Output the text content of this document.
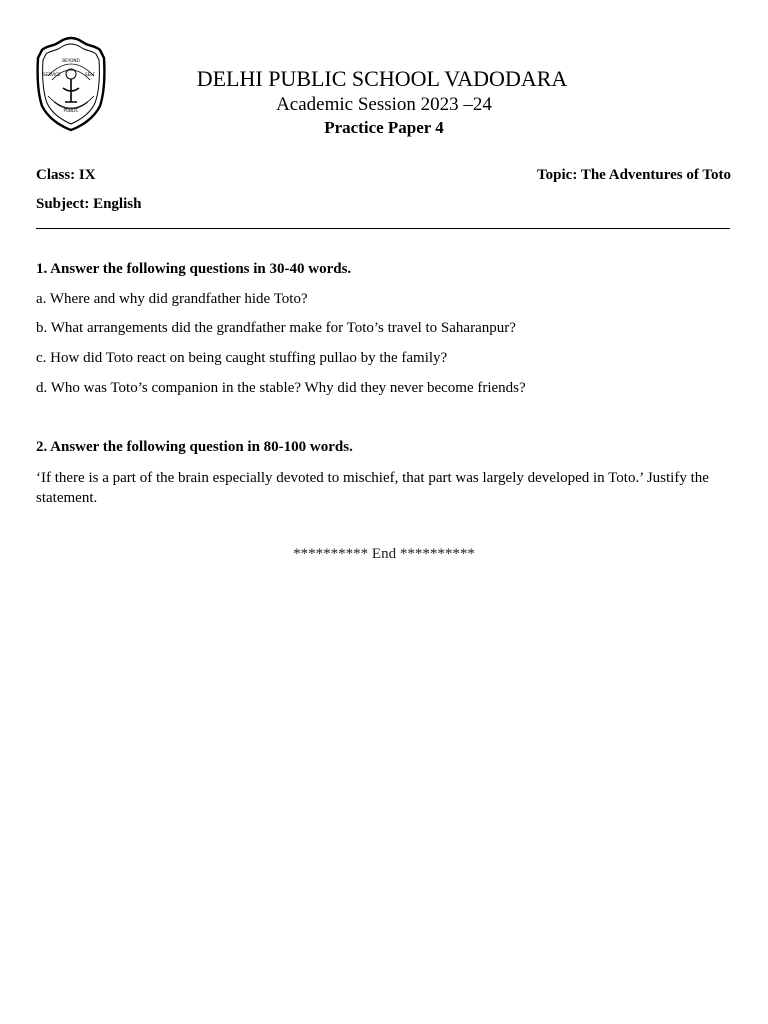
BEYOND
SERVICE	SELF
PUBLIC
DELHI PUBLIC SCHOOL VADODARA
Academic Session 2023 –24
Practice Paper 4
Class: IX	Topic: The Adventures of Toto
Subject: English
1. Answer the following questions in 30-40 words.
a. Where and why did grandfather hide Toto?
b. What arrangements did the grandfather make for Toto’s travel to Saharanpur?
c. How did Toto react on being caught stuffing pullao by the family?
d. Who was Toto’s companion in the stable? Why did they never become friends?
2. Answer the following question in 80-100 words.
‘If there is a part of the brain especially devoted to mischief, that part was largely developed in Toto.’ Justify the statement.
********** End **********
